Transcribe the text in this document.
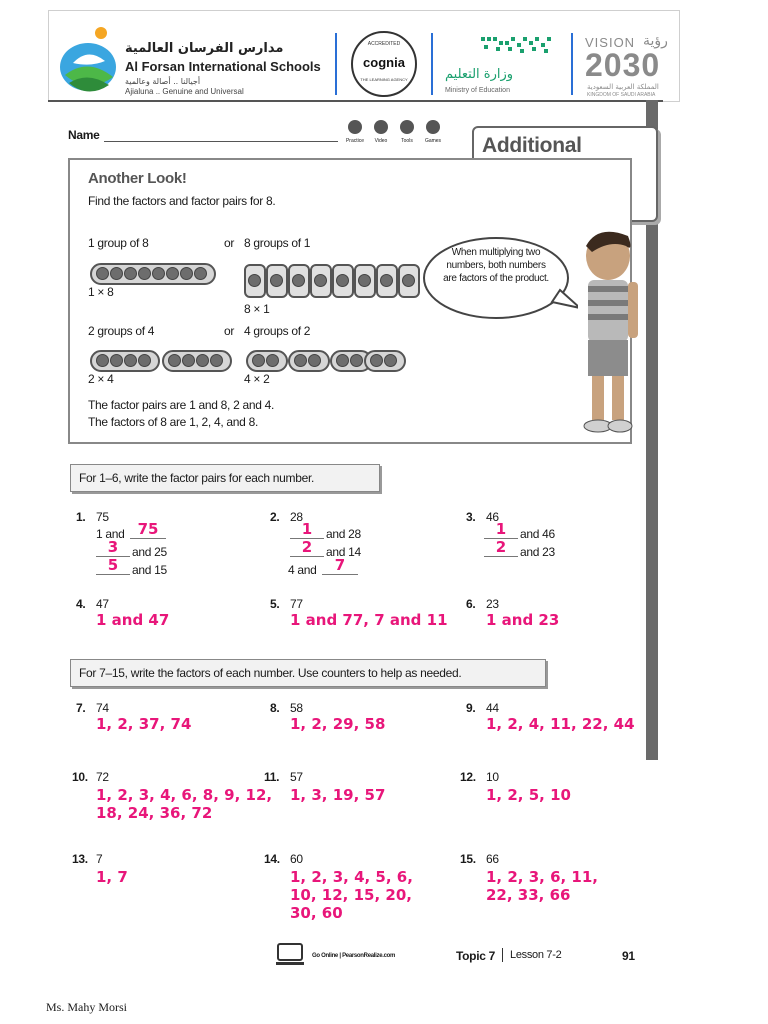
مدارس الفرسان العالمية
Al Forsan International Schools
أجيالنا .. أصالة وعالمية
Ajialuna .. Genuine and Universal
ACCREDITED
cognia
THE LEARNING AGENCY	وزارة التعليم
Ministry of Education
VISION رؤية
2030
المملكة العربية السعودية
KINGDOM OF SAUDI ARABIA
Name	Practice	Video	Tools	Games Additional
Another Look!
Find the factors and factor pairs for 8.
1 group of 8	or 8 groups of 1
1 × 8
8 × 1
2 groups of 4	or 4 groups of 2
2 × 4	4 × 2
The factor pairs are 1 and 8, 2 and 4.
The factors of 8 are 1, 2, 4, and 8.
When multiplying two numbers, both numbers are factors of the product.
For 1–6, write the factor pairs for each number.
1. 75
1 and 75
3	and 25
5	and 15
2. 28
1	and 28
2	and 14
4 and	7
3. 46
1	and 46
2	and 23
4. 47
1 and 47
5. 77
1 and 77, 7 and 11
6. 23
1 and 23
For 7–15, write the factors of each number. Use counters to help as needed.
7. 74
1, 2, 37, 74
8. 58
1, 2, 29, 58
9. 44
1, 2, 4, 11, 22, 44
10. 72
1, 2, 3, 4, 6, 8, 9, 12,
18, 24, 36, 72
11. 57
1, 3, 19, 57
12. 10
1, 2, 5, 10
13. 7
1, 7
14. 60
1, 2, 3, 4, 5, 6,
10, 12, 15, 20,
30, 60
15. 66
1, 2, 3, 6, 11,
22, 33, 66
Go Online | PearsonRealize.com	Topic 7 Lesson 7-2	91
Ms. Mahy Morsi
